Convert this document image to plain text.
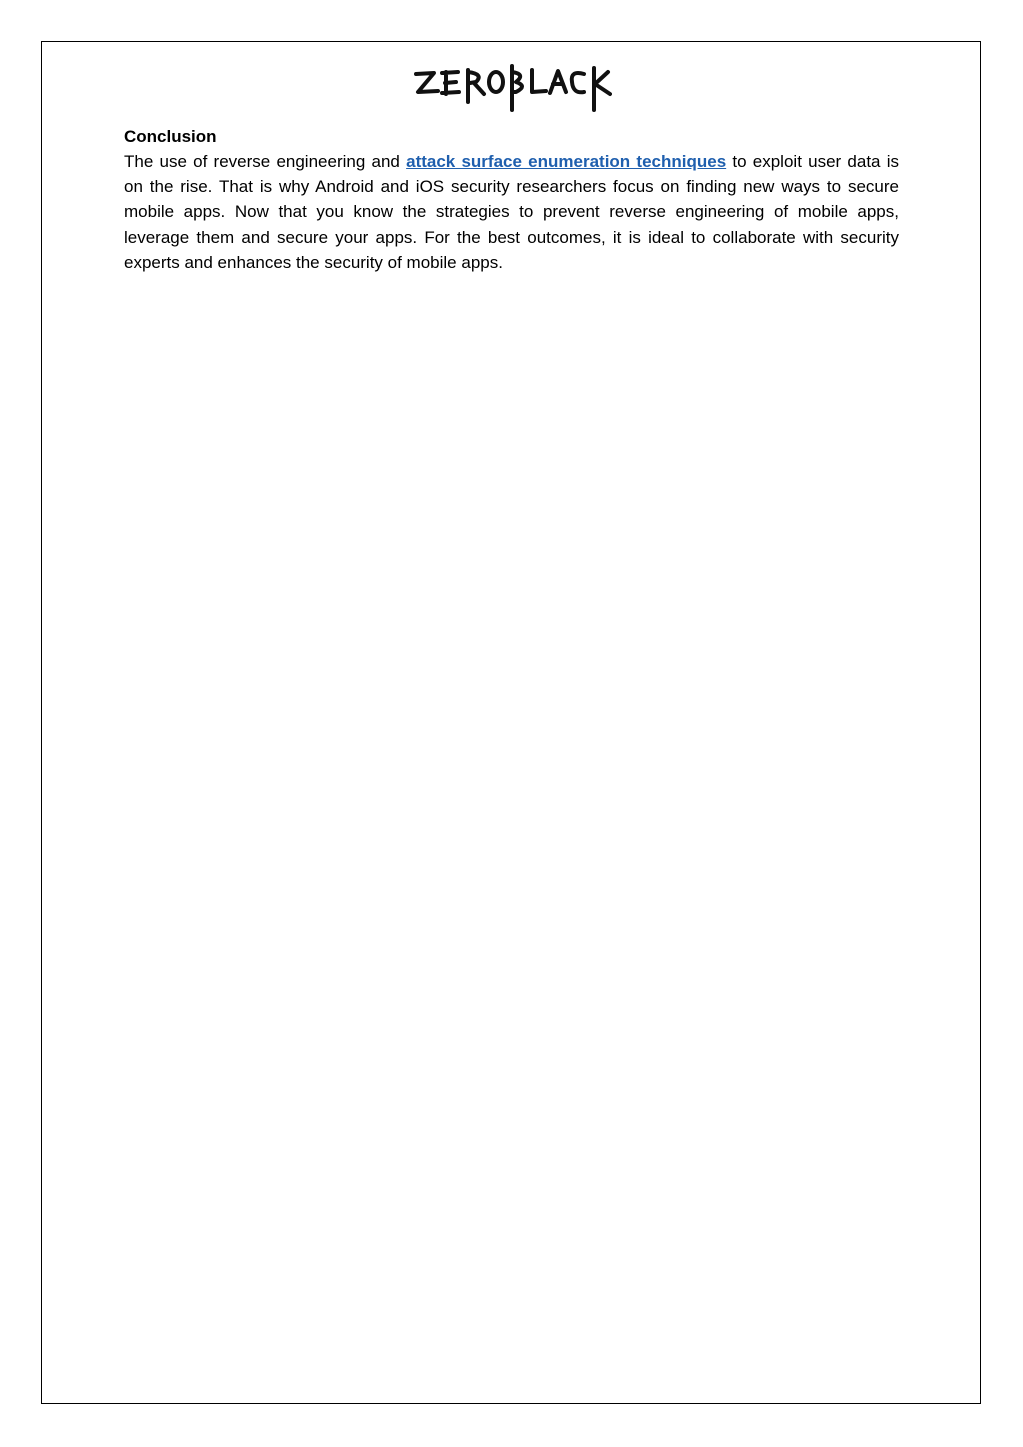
Conclusion

The use of reverse engineering and attack surface enumeration techniques to exploit user data is on the rise. That is why Android and iOS security researchers focus on finding new ways to secure mobile apps. Now that you know the strategies to prevent reverse engineering of mobile apps, leverage them and secure your apps. For the best outcomes, it is ideal to collaborate with security experts and enhances the security of mobile apps.
